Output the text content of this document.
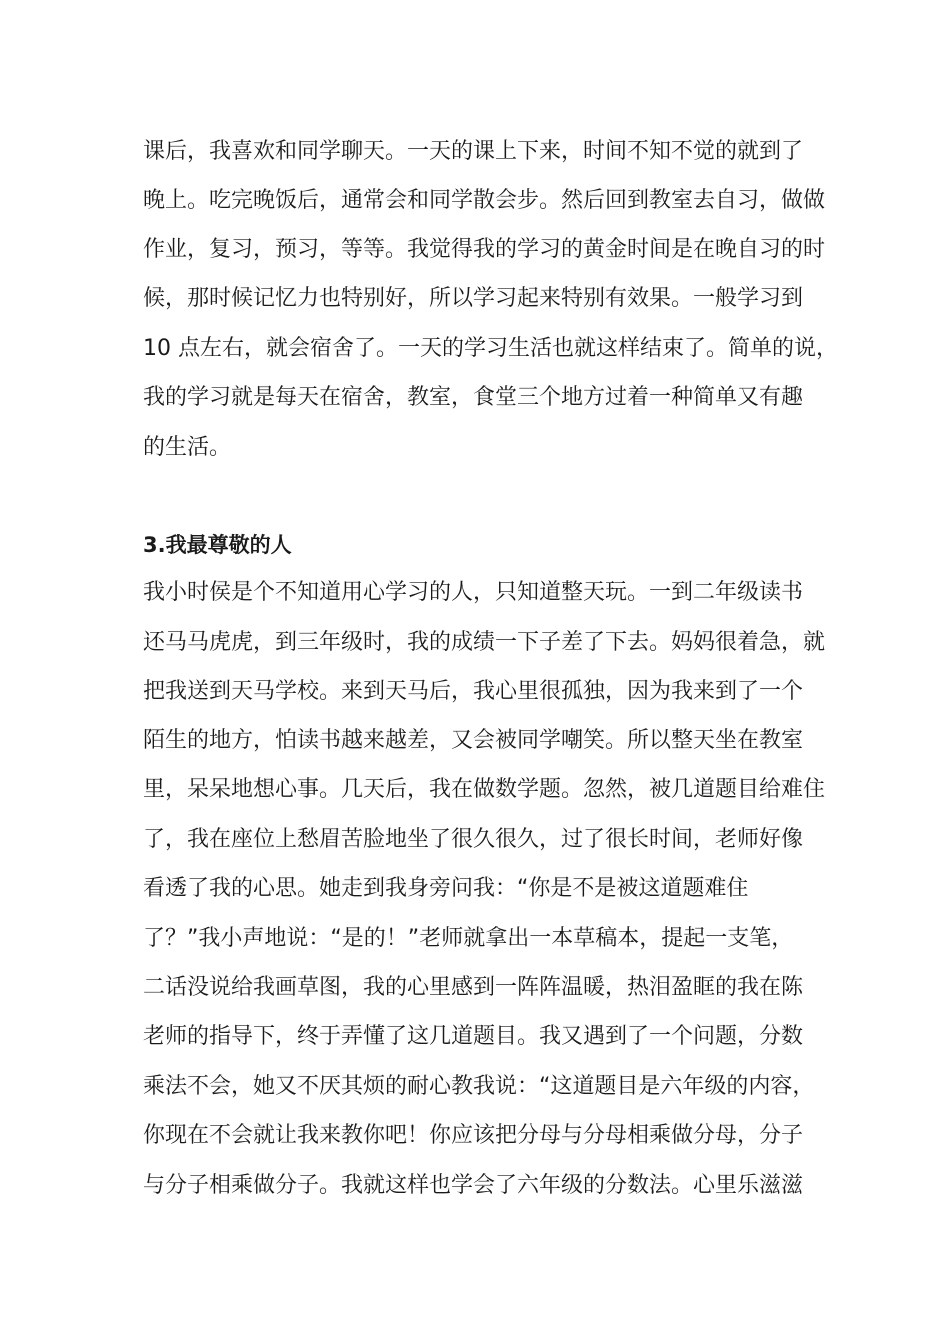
课后，我喜欢和同学聊天。一天的课上下来，时间不知不觉的就到了
晚上。吃完晚饭后，通常会和同学散会步。然后回到教室去自习，做做
作业，复习，预习，等等。我觉得我的学习的黄金时间是在晚自习的时
候，那时候记忆力也特别好，所以学习起来特别有效果。一般学习到
10 点左右，就会宿舍了。一天的学习生活也就这样结束了。简单的说，
我的学习就是每天在宿舍，教室，食堂三个地方过着一种简单又有趣
的生活。
3.我最尊敬的人
我小时侯是个不知道用心学习的人，只知道整天玩。一到二年级读书
还马马虎虎，到三年级时，我的成绩一下子差了下去。妈妈很着急，就
把我送到天马学校。来到天马后，我心里很孤独，因为我来到了一个
陌生的地方，怕读书越来越差，又会被同学嘲笑。所以整天坐在教室
里，呆呆地想心事。几天后，我在做数学题。忽然，被几道题目给难住
了，我在座位上愁眉苦脸地坐了很久很久，过了很长时间，老师好像
看透了我的心思。她走到我身旁问我：“你是不是被这道题难住
了？”我小声地说：“是的！”老师就拿出一本草稿本，提起一支笔，
二话没说给我画草图，我的心里感到一阵阵温暖，热泪盈眶的我在陈
老师的指导下，终于弄懂了这几道题目。我又遇到了一个问题，分数
乘法不会，她又不厌其烦的耐心教我说：“这道题目是六年级的内容，
你现在不会就让我来教你吧！你应该把分母与分母相乘做分母，分子
与分子相乘做分子。我就这样也学会了六年级的分数法。心里乐滋滋
